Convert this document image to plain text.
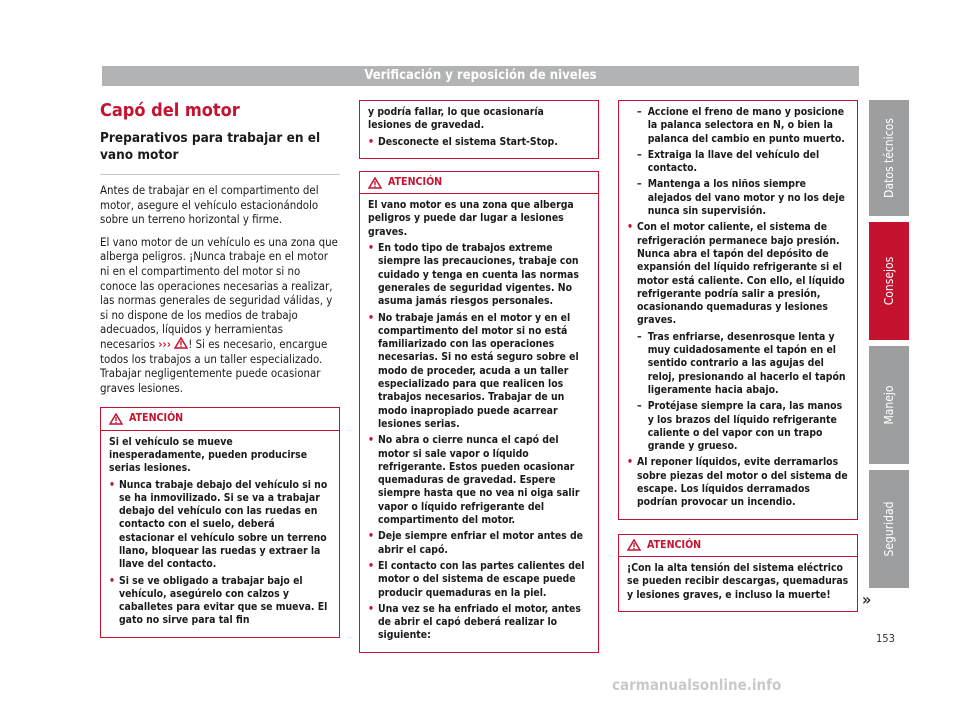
Verificación y reposición de niveles
Capó del motor
Preparativos para trabajar en el vano motor

Antes de trabajar en el compartimento del motor, asegure el vehículo estacionándolo sobre un terreno horizontal y firme.

El vano motor de un vehículo es una zona que alberga peligros. ¡Nunca trabaje en el motor ni en el compartimento del motor si no conoce las operaciones necesarias a realizar, las normas generales de seguridad válidas, y si no dispone de los medios de trabajo adecuados, líquidos y herramientas necesarios ››› ! Si es necesario, encargue todos los trabajos a un taller especializado. Trabajar negligentemente puede ocasionar graves lesiones.

ATENCIÓN

Si el vehículo se mueve inesperadamente, pueden producirse serias lesiones.

• Nunca trabaje debajo del vehículo si no se ha inmovilizado. Si se va a trabajar debajo del vehículo con las ruedas en contacto con el suelo, deberá estacionar el vehículo sobre un terreno llano, bloquear las ruedas y extraer la llave del contacto.
• Si se ve obligado a trabajar bajo el vehículo, asegúrelo con calzos y caballetes para evitar que se mueva. El gato no sirve para tal fin

y podría fallar, lo que ocasionaría lesiones de gravedad.

• Desconecte el sistema Start-Stop.
ATENCIÓN

El vano motor es una zona que alberga peligros y puede dar lugar a lesiones graves.

• En todo tipo de trabajos extreme siempre las precauciones, trabaje con cuidado y tenga en cuenta las normas generales de seguridad vigentes. No asuma jamás riesgos personales.
• No trabaje jamás en el motor y en el compartimento del motor si no está familiarizado con las operaciones necesarias. Si no está seguro sobre el modo de proceder, acuda a un taller especializado para que realicen los trabajos necesarios. Trabajar de un modo inapropiado puede acarrear lesiones serias.
• No abra o cierre nunca el capó del motor si sale vapor o líquido refrigerante. Estos pueden ocasionar quemaduras de gravedad. Espere siempre hasta que no vea ni oiga salir vapor o líquido refrigerante del compartimento del motor.
• Deje siempre enfriar el motor antes de abrir el capó.
• El contacto con las partes calientes del motor o del sistema de escape puede producir quemaduras en la piel.
• Una vez se ha enfriado el motor, antes de abrir el capó deberá realizar lo siguiente:
– Accione el freno de mano y posicione la palanca selectora en N, o bien la palanca del cambio en punto muerto.
– Extraiga la llave del vehículo del contacto.
– Mantenga a los niños siempre alejados del vano motor y no los deje nunca sin supervisión.
• Con el motor caliente, el sistema de refrigeración permanece bajo presión. Nunca abra el tapón del depósito de expansión del líquido refrigerante si el motor está caliente. Con ello, el líquido refrigerante podría salir a presión, ocasionando quemaduras y lesiones graves.
– Tras enfriarse, desenrosque lenta y muy cuidadosamente el tapón en el sentido contrario a las agujas del reloj, presionando al hacerlo el tapón ligeramente hacia abajo.
– Protéjase siempre la cara, las manos y los brazos del líquido refrigerante caliente o del vapor con un trapo grande y grueso.
• Al reponer líquidos, evite derramarlos sobre piezas del motor o del sistema de escape. Los líquidos derramados podrían provocar un incendio.
ATENCIÓN

¡Con la alta tensión del sistema eléctrico se pueden recibir descargas, quemaduras y lesiones graves, e incluso la muerte!	»
Datos técnicos
Consejos
Manejo
Seguridad
153
carmanualsonline.info
